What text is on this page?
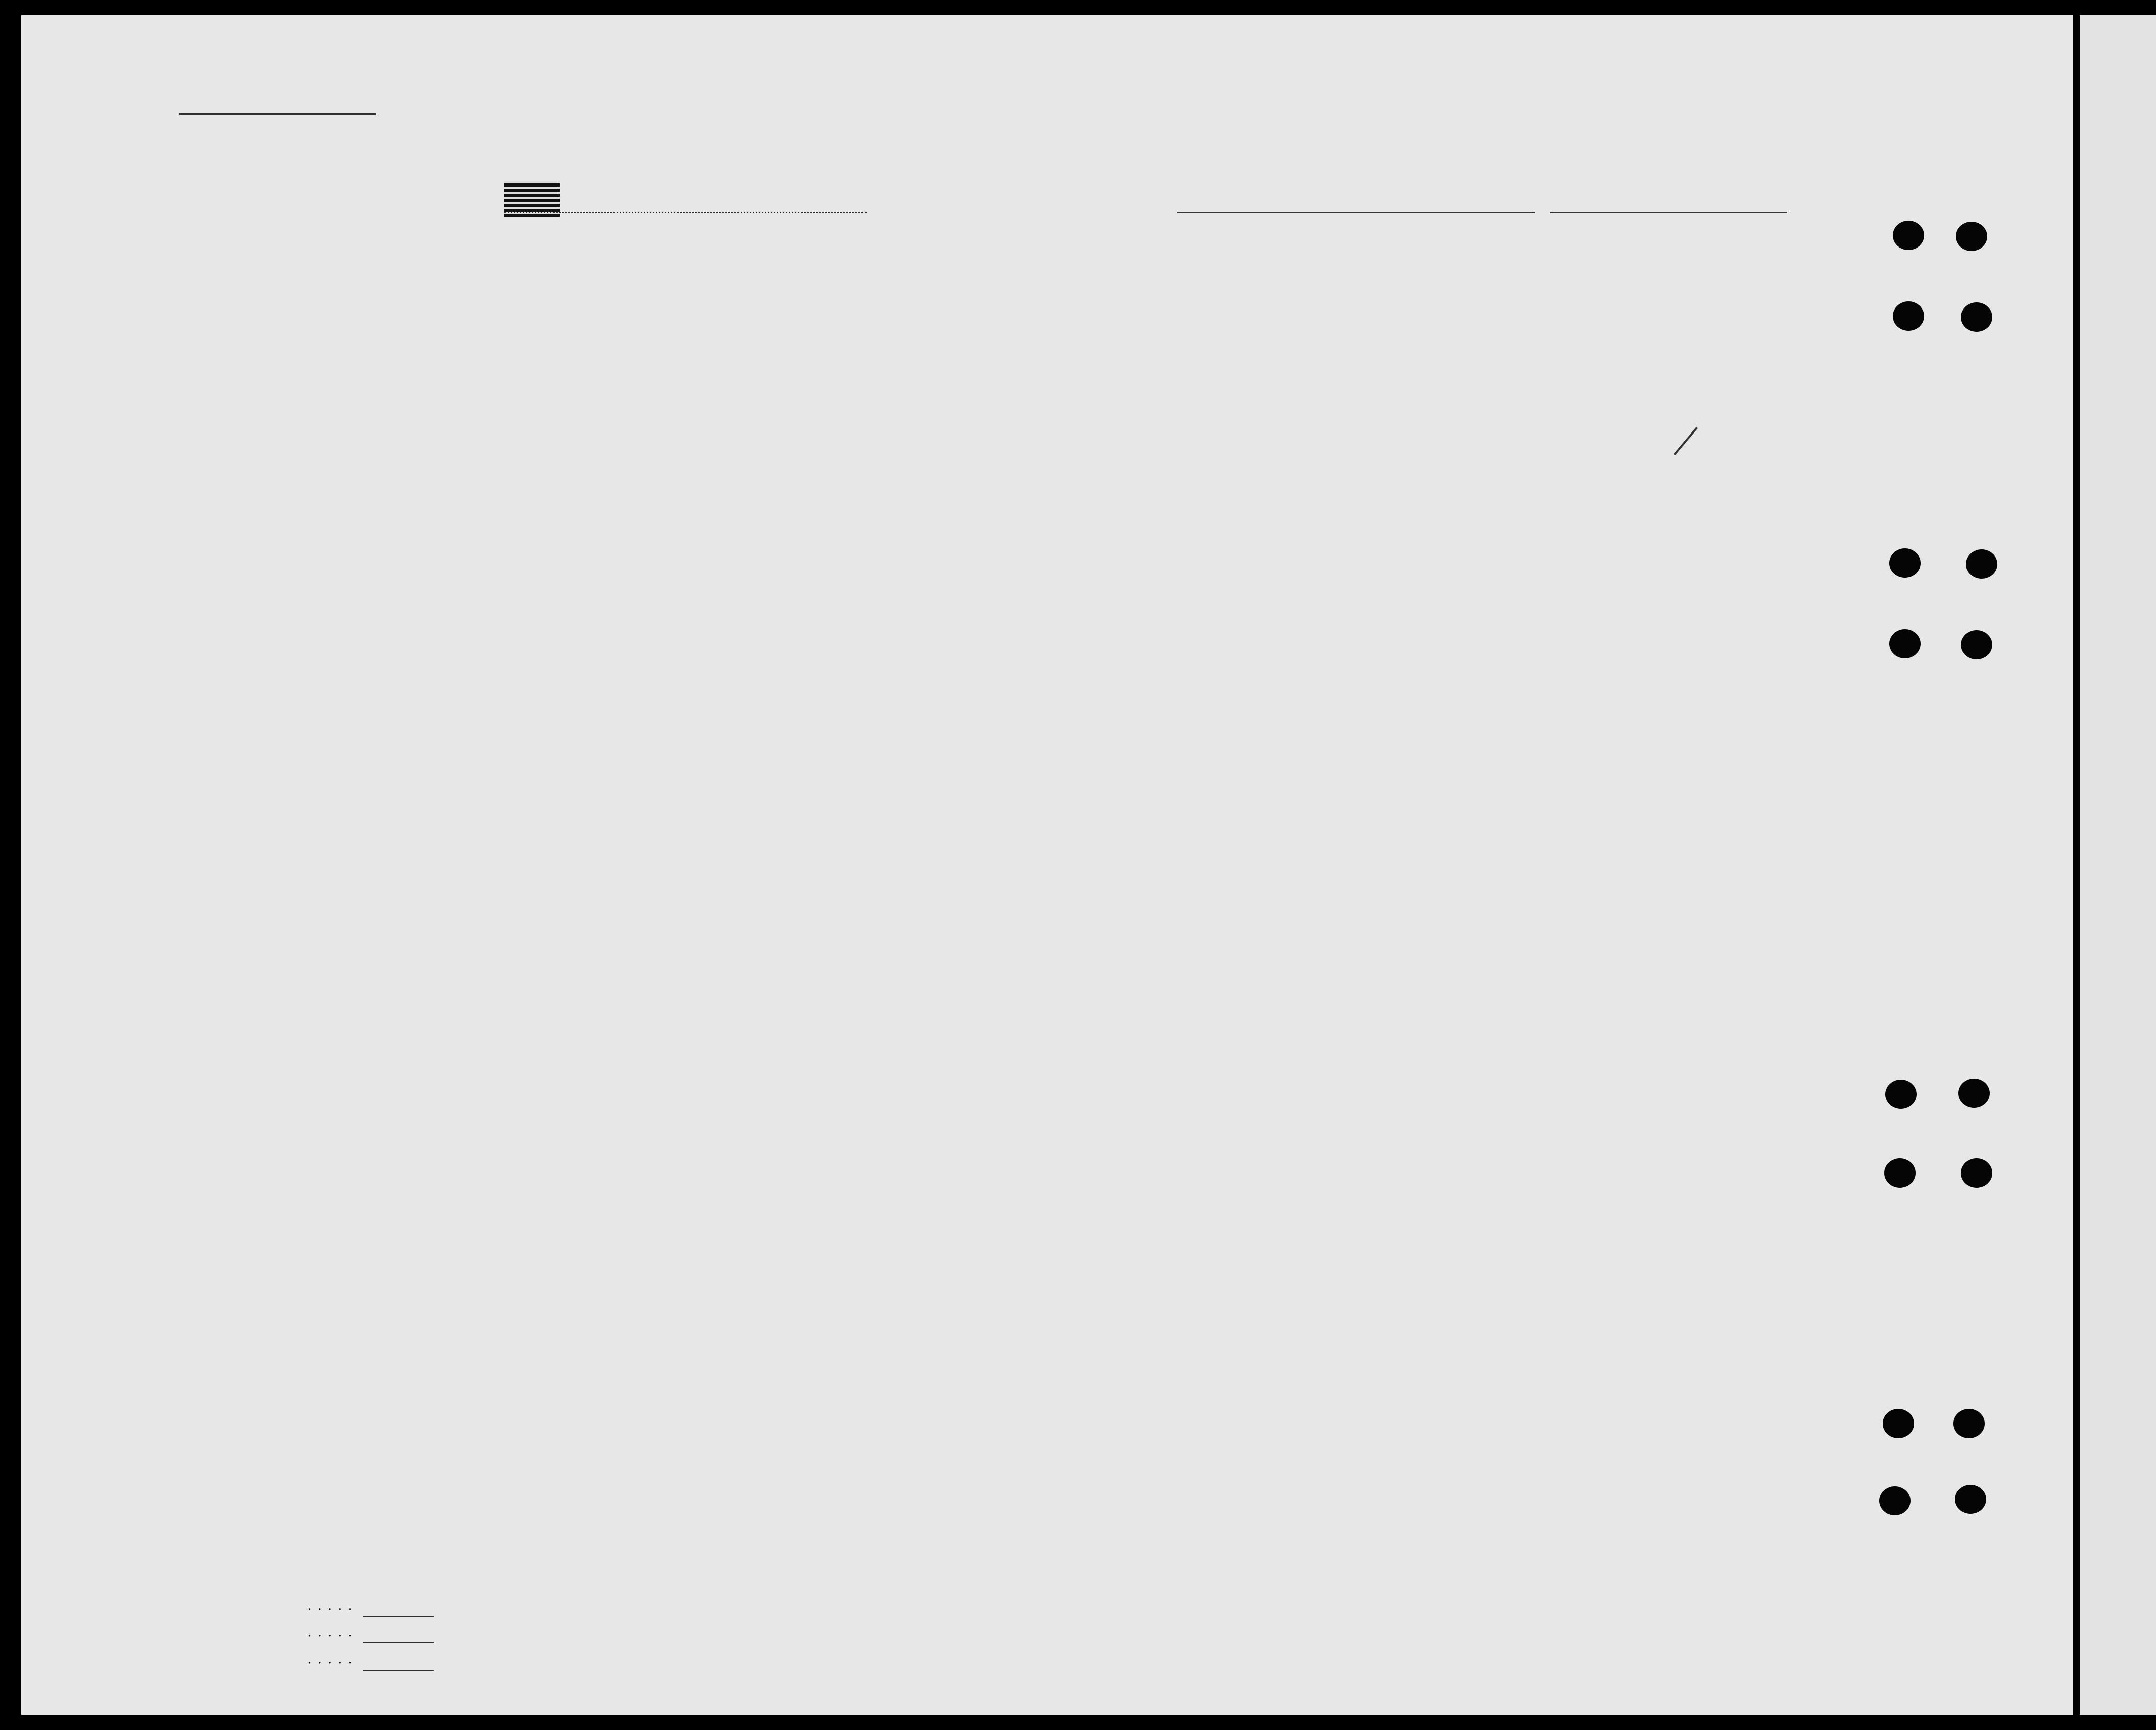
· · · · ·
· · · · ·
· · · · ·
